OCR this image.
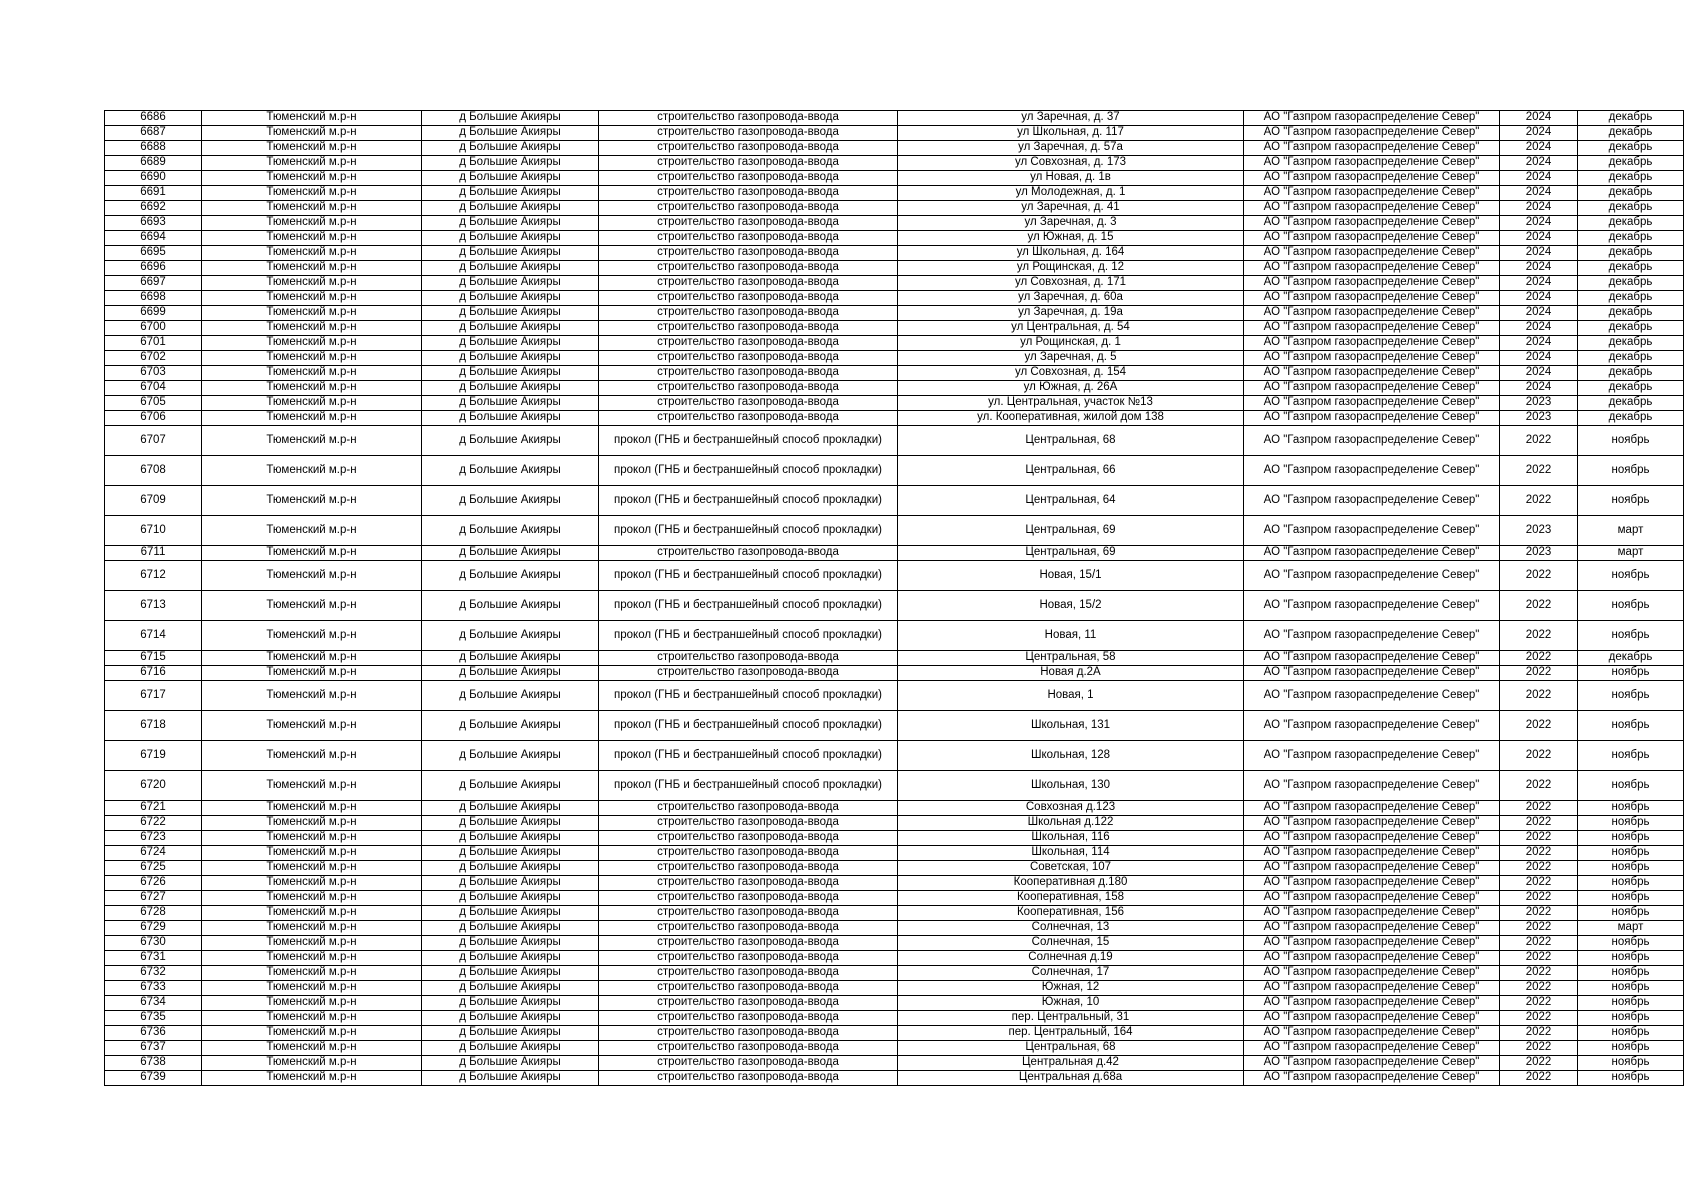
6686	Тюменский м.р-н	д Большие Акияры	строительство газопровода-ввода	ул Заречная, д. 37	АО "Газпром газораспределение Север"	2024	декабрь
6687	Тюменский м.р-н	д Большие Акияры	строительство газопровода-ввода	ул Школьная, д. 117	АО "Газпром газораспределение Север"	2024	декабрь
6688	Тюменский м.р-н	д Большие Акияры	строительство газопровода-ввода	ул Заречная, д. 57а	АО "Газпром газораспределение Север"	2024	декабрь
6689	Тюменский м.р-н	д Большие Акияры	строительство газопровода-ввода	ул Совхозная, д. 173	АО "Газпром газораспределение Север"	2024	декабрь
6690	Тюменский м.р-н	д Большие Акияры	строительство газопровода-ввода	ул Новая, д. 1в	АО "Газпром газораспределение Север"	2024	декабрь
6691	Тюменский м.р-н	д Большие Акияры	строительство газопровода-ввода	ул Молодежная, д. 1	АО "Газпром газораспределение Север"	2024	декабрь
6692	Тюменский м.р-н	д Большие Акияры	строительство газопровода-ввода	ул Заречная, д. 41	АО "Газпром газораспределение Север"	2024	декабрь
6693	Тюменский м.р-н	д Большие Акияры	строительство газопровода-ввода	ул Заречная, д. 3	АО "Газпром газораспределение Север"	2024	декабрь
6694	Тюменский м.р-н	д Большие Акияры	строительство газопровода-ввода	ул Южная, д. 15	АО "Газпром газораспределение Север"	2024	декабрь
6695	Тюменский м.р-н	д Большие Акияры	строительство газопровода-ввода	ул Школьная, д. 164	АО "Газпром газораспределение Север"	2024	декабрь
6696	Тюменский м.р-н	д Большие Акияры	строительство газопровода-ввода	ул Рощинская, д. 12	АО "Газпром газораспределение Север"	2024	декабрь
6697	Тюменский м.р-н	д Большие Акияры	строительство газопровода-ввода	ул Совхозная, д. 171	АО "Газпром газораспределение Север"	2024	декабрь
6698	Тюменский м.р-н	д Большие Акияры	строительство газопровода-ввода	ул Заречная, д. 60а	АО "Газпром газораспределение Север"	2024	декабрь
6699	Тюменский м.р-н	д Большие Акияры	строительство газопровода-ввода	ул Заречная, д. 19а	АО "Газпром газораспределение Север"	2024	декабрь
6700	Тюменский м.р-н	д Большие Акияры	строительство газопровода-ввода	ул Центральная, д. 54	АО "Газпром газораспределение Север"	2024	декабрь
6701	Тюменский м.р-н	д Большие Акияры	строительство газопровода-ввода	ул Рощинская, д. 1	АО "Газпром газораспределение Север"	2024	декабрь
6702	Тюменский м.р-н	д Большие Акияры	строительство газопровода-ввода	ул Заречная, д. 5	АО "Газпром газораспределение Север"	2024	декабрь
6703	Тюменский м.р-н	д Большие Акияры	строительство газопровода-ввода	ул Совхозная, д. 154	АО "Газпром газораспределение Север"	2024	декабрь
6704	Тюменский м.р-н	д Большие Акияры	строительство газопровода-ввода	ул Южная, д. 26А	АО "Газпром газораспределение Север"	2024	декабрь
6705	Тюменский м.р-н	д Большие Акияры	строительство газопровода-ввода	ул. Центральная, участок №13	АО "Газпром газораспределение Север"	2023	декабрь
6706	Тюменский м.р-н	д Большие Акияры	строительство газопровода-ввода	ул. Кооперативная, жилой дом 138	АО "Газпром газораспределение Север"	2023	декабрь
6707	Тюменский м.р-н	д Большие Акияры	прокол (ГНБ и бестраншейный способ прокладки)	Центральная, 68	АО "Газпром газораспределение Север"	2022	ноябрь
6708	Тюменский м.р-н	д Большие Акияры	прокол (ГНБ и бестраншейный способ прокладки)	Центральная, 66	АО "Газпром газораспределение Север"	2022	ноябрь
6709	Тюменский м.р-н	д Большие Акияры	прокол (ГНБ и бестраншейный способ прокладки)	Центральная, 64	АО "Газпром газораспределение Север"	2022	ноябрь
6710	Тюменский м.р-н	д Большие Акияры	прокол (ГНБ и бестраншейный способ прокладки)	Центральная, 69	АО "Газпром газораспределение Север"	2023	март
6711	Тюменский м.р-н	д Большие Акияры	строительство газопровода-ввода	Центральная, 69	АО "Газпром газораспределение Север"	2023	март
6712	Тюменский м.р-н	д Большие Акияры	прокол (ГНБ и бестраншейный способ прокладки)	Новая, 15/1	АО "Газпром газораспределение Север"	2022	ноябрь
6713	Тюменский м.р-н	д Большие Акияры	прокол (ГНБ и бестраншейный способ прокладки)	Новая, 15/2	АО "Газпром газораспределение Север"	2022	ноябрь
6714	Тюменский м.р-н	д Большие Акияры	прокол (ГНБ и бестраншейный способ прокладки)	Новая, 11	АО "Газпром газораспределение Север"	2022	ноябрь
6715	Тюменский м.р-н	д Большие Акияры	строительство газопровода-ввода	Центральная, 58	АО "Газпром газораспределение Север"	2022	декабрь
6716	Тюменский м.р-н	д Большие Акияры	строительство газопровода-ввода	Новая д.2А	АО "Газпром газораспределение Север"	2022	ноябрь
6717	Тюменский м.р-н	д Большие Акияры	прокол (ГНБ и бестраншейный способ прокладки)	Новая, 1	АО "Газпром газораспределение Север"	2022	ноябрь
6718	Тюменский м.р-н	д Большие Акияры	прокол (ГНБ и бестраншейный способ прокладки)	Школьная, 131	АО "Газпром газораспределение Север"	2022	ноябрь
6719	Тюменский м.р-н	д Большие Акияры	прокол (ГНБ и бестраншейный способ прокладки)	Школьная, 128	АО "Газпром газораспределение Север"	2022	ноябрь
6720	Тюменский м.р-н	д Большие Акияры	прокол (ГНБ и бестраншейный способ прокладки)	Школьная, 130	АО "Газпром газораспределение Север"	2022	ноябрь
6721	Тюменский м.р-н	д Большие Акияры	строительство газопровода-ввода	Совхозная д.123	АО "Газпром газораспределение Север"	2022	ноябрь
6722	Тюменский м.р-н	д Большие Акияры	строительство газопровода-ввода	Школьная д.122	АО "Газпром газораспределение Север"	2022	ноябрь
6723	Тюменский м.р-н	д Большие Акияры	строительство газопровода-ввода	Школьная, 116	АО "Газпром газораспределение Север"	2022	ноябрь
6724	Тюменский м.р-н	д Большие Акияры	строительство газопровода-ввода	Школьная, 114	АО "Газпром газораспределение Север"	2022	ноябрь
6725	Тюменский м.р-н	д Большие Акияры	строительство газопровода-ввода	Советская, 107	АО "Газпром газораспределение Север"	2022	ноябрь
6726	Тюменский м.р-н	д Большие Акияры	строительство газопровода-ввода	Кооперативная д.180	АО "Газпром газораспределение Север"	2022	ноябрь
6727	Тюменский м.р-н	д Большие Акияры	строительство газопровода-ввода	Кооперативная, 158	АО "Газпром газораспределение Север"	2022	ноябрь
6728	Тюменский м.р-н	д Большие Акияры	строительство газопровода-ввода	Кооперативная, 156	АО "Газпром газораспределение Север"	2022	ноябрь
6729	Тюменский м.р-н	д Большие Акияры	строительство газопровода-ввода	Солнечная, 13	АО "Газпром газораспределение Север"	2022	март
6730	Тюменский м.р-н	д Большие Акияры	строительство газопровода-ввода	Солнечная, 15	АО "Газпром газораспределение Север"	2022	ноябрь
6731	Тюменский м.р-н	д Большие Акияры	строительство газопровода-ввода	Солнечная д.19	АО "Газпром газораспределение Север"	2022	ноябрь
6732	Тюменский м.р-н	д Большие Акияры	строительство газопровода-ввода	Солнечная, 17	АО "Газпром газораспределение Север"	2022	ноябрь
6733	Тюменский м.р-н	д Большие Акияры	строительство газопровода-ввода	Южная, 12	АО "Газпром газораспределение Север"	2022	ноябрь
6734	Тюменский м.р-н	д Большие Акияры	строительство газопровода-ввода	Южная, 10	АО "Газпром газораспределение Север"	2022	ноябрь
6735	Тюменский м.р-н	д Большие Акияры	строительство газопровода-ввода	пер. Центральный, 31	АО "Газпром газораспределение Север"	2022	ноябрь
6736	Тюменский м.р-н	д Большие Акияры	строительство газопровода-ввода	пер. Центральный, 164	АО "Газпром газораспределение Север"	2022	ноябрь
6737	Тюменский м.р-н	д Большие Акияры	строительство газопровода-ввода	Центральная, 68	АО "Газпром газораспределение Север"	2022	ноябрь
6738	Тюменский м.р-н	д Большие Акияры	строительство газопровода-ввода	Центральная д.42	АО "Газпром газораспределение Север"	2022	ноябрь
6739	Тюменский м.р-н	д Большие Акияры	строительство газопровода-ввода	Центральная д.68а	АО "Газпром газораспределение Север"	2022	ноябрь
